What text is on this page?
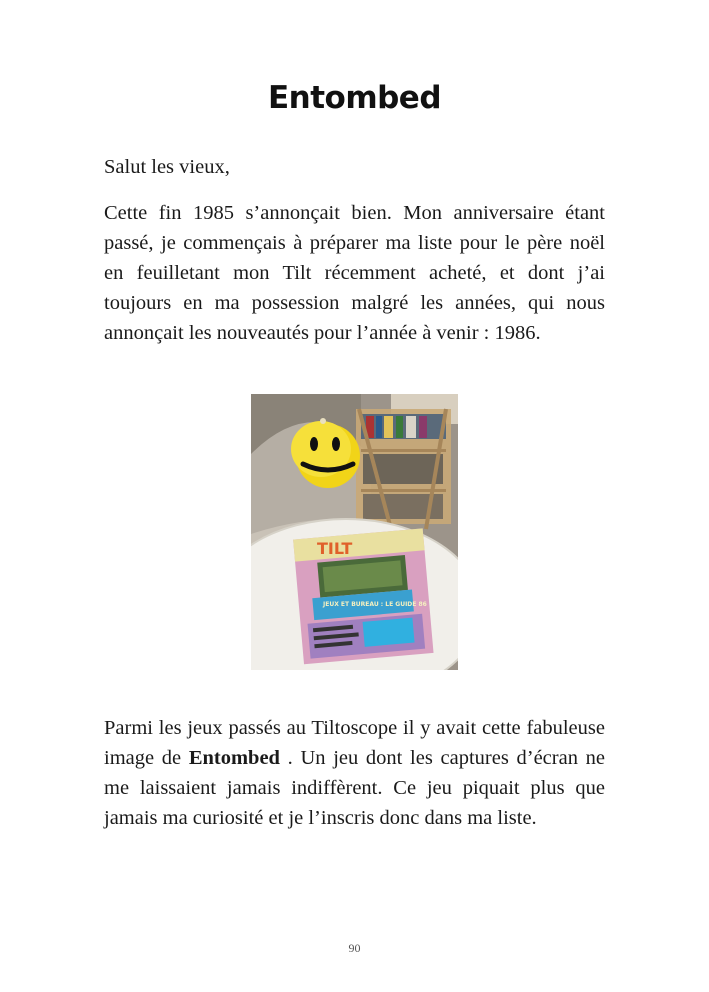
Entombed
Salut les vieux,
Cette fin 1985 s’annonçait bien. Mon anniversaire étant passé, je commençais à préparer ma liste pour le père noël en feuilletant mon Tilt récemment acheté, et dont j’ai toujours en ma possession malgré les années, qui nous annonçait les nouveautés pour l’année à venir : 1986.
TILT
JEUX ET BUREAU : LE GUIDE 86
Parmi les jeux passés au Tiltoscope il y avait cette fabuleuse image de Entombed . Un jeu dont les captures d’écran ne me laissaient jamais indiffèrent. Ce jeu piquait plus que jamais ma curiosité et je l’inscris donc dans ma liste.
90
